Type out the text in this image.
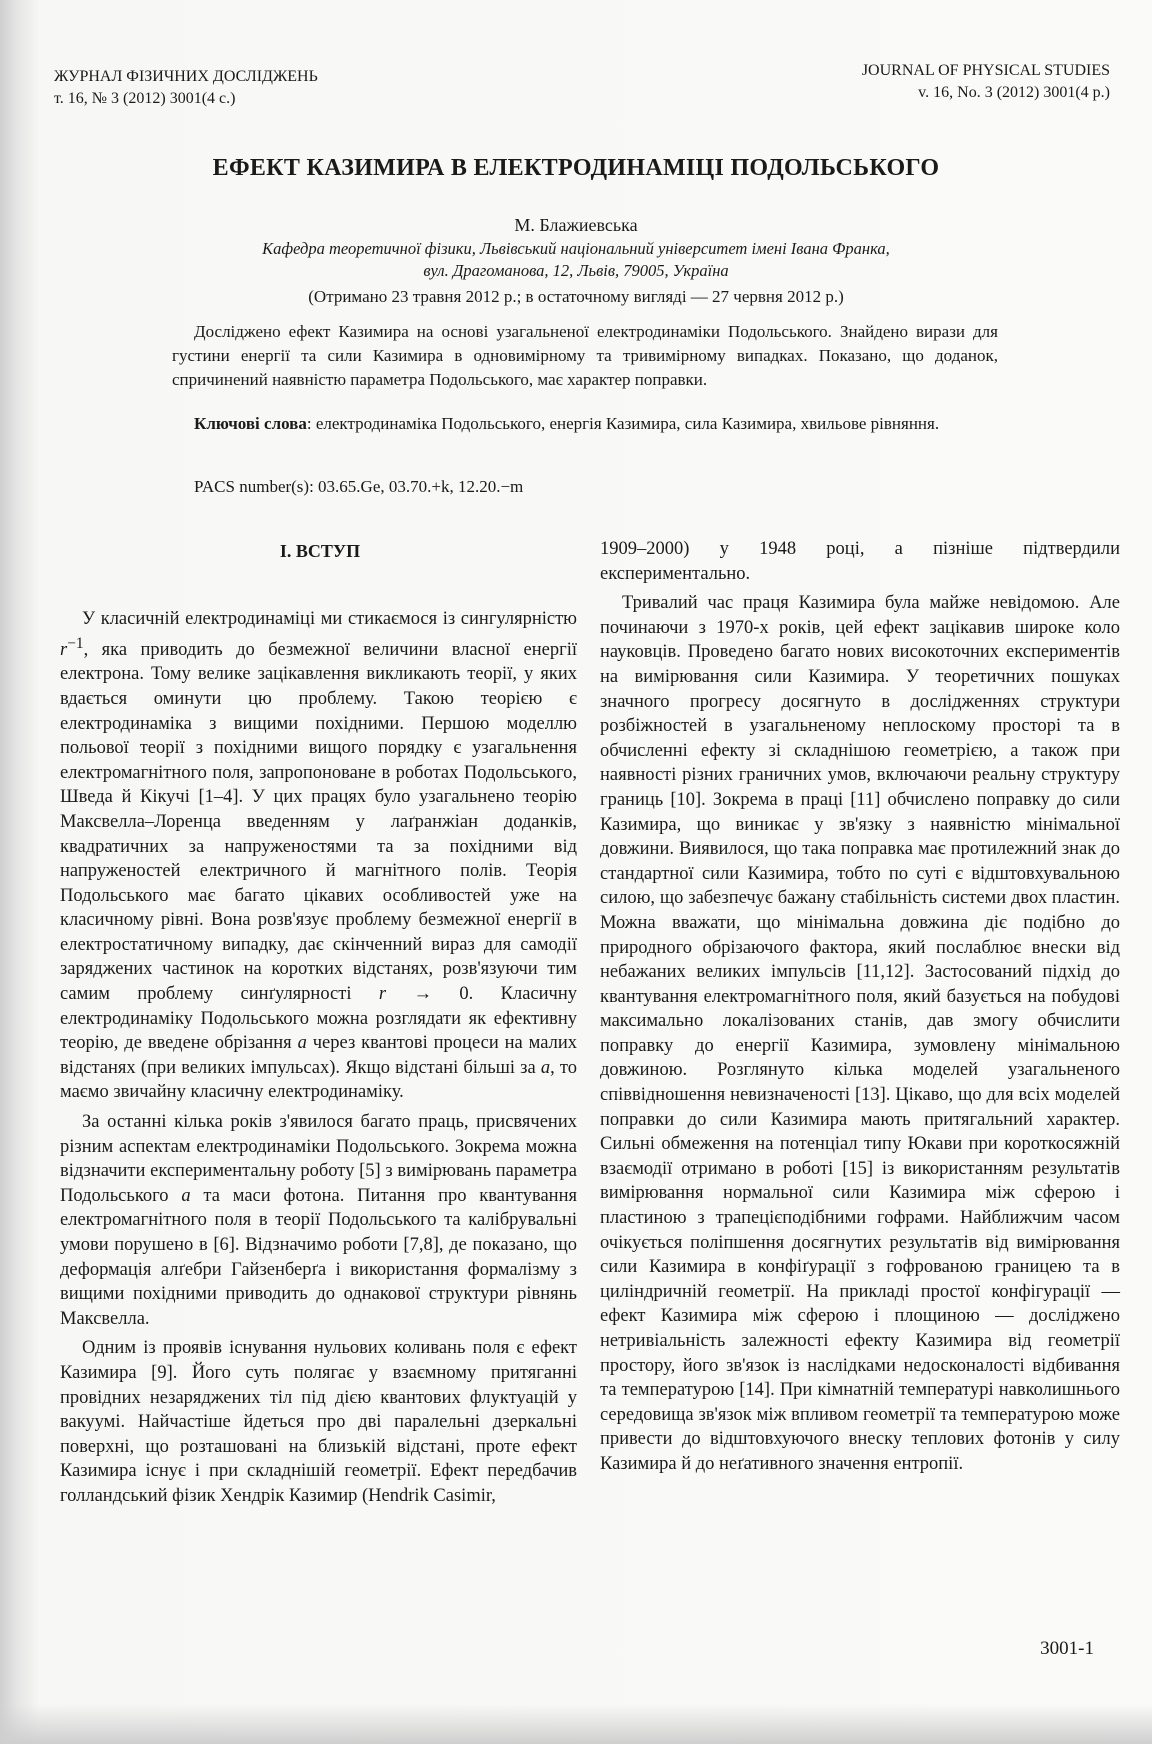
ЖУРНАЛ ФІЗИЧНИХ ДОСЛІДЖЕНЬ
т. 16, № 3 (2012) 3001(4 с.)
JOURNAL OF PHYSICAL STUDIES
v. 16, No. 3 (2012) 3001(4 p.)
ЕФЕКТ КАЗИМИРА В ЕЛЕКТРОДИНАМІЦІ ПОДОЛЬСЬКОГО
М. Блажиевська
Кафедра теоретичної фізики, Львівський національний університет імені Івана Франка,
вул. Драгоманова, 12, Львів, 79005, Україна
(Отримано 23 травня 2012 р.; в остаточному вигляді — 27 червня 2012 р.)
Досліджено ефект Казимира на основі узагальненої електродинаміки Подольського. Знайдено вирази для густини енергії та сили Казимира в одновимірному та тривимірному випадках. Показано, що доданок, спричинений наявністю параметра Подольського, має характер поправки.
Ключові слова: електродинаміка Подольського, енергія Казимира, сила Казимира, хвильове рівняння.
PACS number(s): 03.65.Ge, 03.70.+k, 12.20.−m
I. ВСТУП

У класичній електродинаміці ми стикаємося із сингулярністю $r^{-1}$, яка приводить до безмежної величини власної енергії електрона. Тому велике зацікавлення викликають теорії, у яких вдається оминути цю проблему. Такою теорією є електродинаміка з вищими похідними. Першою моделлю польової теорії з похідними вищого порядку є узагальнення електромагнітного поля, запропоноване в роботах Подольського, Шведа й Кікучі [1–4]. У цих працях було узагальнено теорію Максвелла–Лоренца введенням у лаґранжіан доданків, квадратичних за напруженостями та за похідними від напруженостей електричного й магнітного полів. Теорія Подольського має багато цікавих особливостей уже на класичному рівні. Вона розв'язує проблему безмежної енергії в електростатичному випадку, дає скінченний вираз для самодії заряджених частинок на коротких відстанях, розв'язуючи тим самим проблему синґулярності r → 0. Класичну електродинаміку Подольського можна розглядати як ефективну теорію, де введене обрізання a через квантові процеси на малих відстанях (при великих імпульсах). Якщо відстані більші за a, то маємо звичайну класичну електродинаміку.

За останні кілька років з'явилося багато праць, присвячених різним аспектам електродинаміки Подольського. Зокрема можна відзначити експериментальну роботу [5] з вимірювань параметра Подольського a та маси фотона. Питання про квантування електромагнітного поля в теорії Подольського та калібрувальні умови порушено в [6]. Відзначимо роботи [7,8], де показано, що деформація алґебри Гайзенберґа і використання формалізму з вищими похідними приводить до однакової структури рівнянь Максвелла.

Одним із проявів існування нульових коливань поля є ефект Казимира [9]. Його суть полягає у взаємному притяганні провідних незаряджених тіл під дією квантових флуктуацій у вакуумі. Найчастіше йдеться про дві паралельні дзеркальні поверхні, що розташовані на близькій відстані, проте ефект Казимира існує і при складнішій геометрії. Ефект передбачив голландський фізик Хендрік Казимир (Hendrik Casimir,

1909–2000) у 1948 році, а пізніше підтвердили експериментально.

Тривалий час праця Казимира була майже невідомою. Але починаючи з 1970-х років, цей ефект зацікавив широке коло науковців. Проведено багато нових високоточних експериментів на вимірювання сили Казимира. У теоретичних пошуках значного прогресу досягнуто в дослідженнях структури розбіжностей в узагальненому неплоскому просторі та в обчисленні ефекту зі складнішою геометрією, а також при наявності різних граничних умов, включаючи реальну структуру границь [10]. Зокрема в праці [11] обчислено поправку до сили Казимира, що виникає у зв'язку з наявністю мінімальної довжини. Виявилося, що така поправка має протилежний знак до стандартної сили Казимира, тобто по суті є відштовхувальною силою, що забезпечує бажану стабільність системи двох пластин. Можна вважати, що мінімальна довжина діє подібно до природного обрізаючого фактора, який послаблює внески від небажаних великих імпульсів [11,12]. Застосований підхід до квантування електромагнітного поля, який базується на побудові максимально локалізованих станів, дав змогу обчислити поправку до енергії Казимира, зумовлену мінімальною довжиною. Розглянуто кілька моделей узагальненого співвідношення невизначеності [13]. Цікаво, що для всіх моделей поправки до сили Казимира мають притягальний характер. Сильні обмеження на потенціал типу Юкави при короткосяжній взаємодії отримано в роботі [15] із використанням результатів вимірювання нормальної сили Казимира між сферою і пластиною з трапецієподібними гофрами. Найближчим часом очікується поліпшення досягнутих результатів від вимірювання сили Казимира в конфіґурації з гофрованою границею та в циліндричній геометрії. На прикладі простої конфігурації — ефект Казимира між сферою і площиною — досліджено нетривіальність залежності ефекту Казимира від геометрії простору, його зв'язок із наслідками недосконалості відбивання та температурою [14]. При кімнатній температурі навколишнього середовища зв'язок між впливом геометрії та температурою може привести до відштовхуючого внеску теплових фотонів у силу Казимира й до неґативного значення ентропії.

3001-1
